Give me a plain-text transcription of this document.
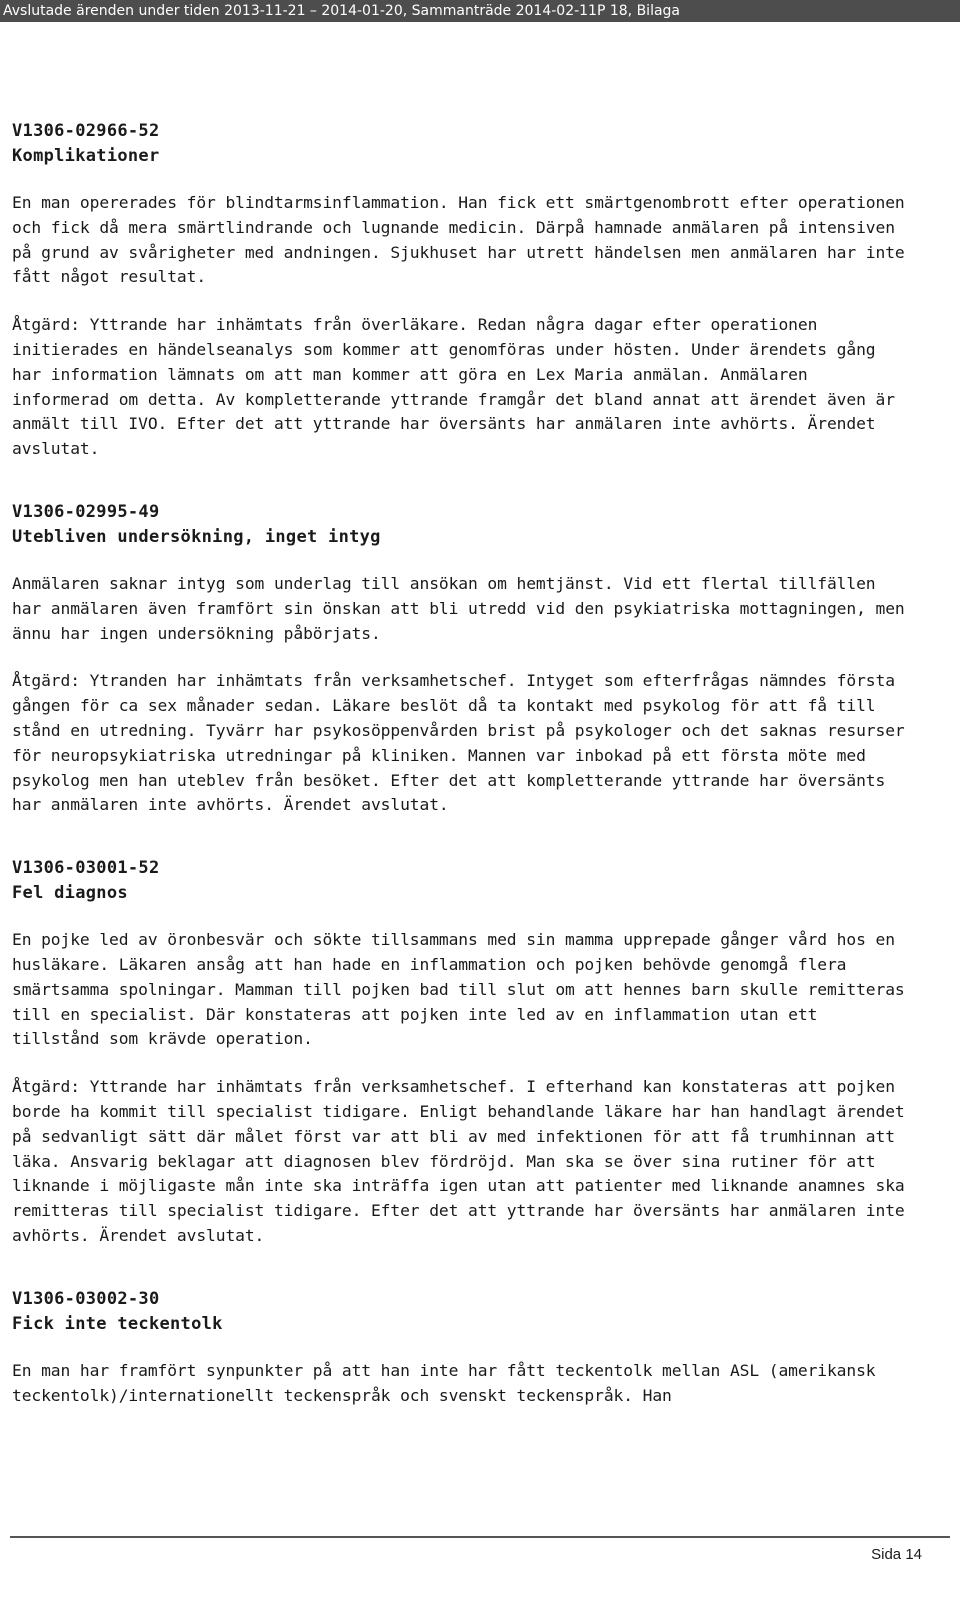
Avslutade ärenden under tiden 2013-11-21 – 2014-01-20, Sammanträde 2014-02-11P 18, Bilaga

V1306-02966-52

Komplikationer

En man opererades för blindtarmsinflammation. Han fick ett smärtgenombrott efter operationen och fick då mera smärtlindrande och lugnande medicin. Därpå hamnade anmälaren på intensiven på grund av svårigheter med andningen. Sjukhuset har utrett händelsen men anmälaren har inte fått något resultat.

Åtgärd: Yttrande har inhämtats från överläkare. Redan några dagar efter operationen initierades en händelseanalys som kommer att genomföras under hösten. Under ärendets gång har information lämnats om att man kommer att göra en Lex Maria anmälan. Anmälaren informerad om detta. Av kompletterande yttrande framgår det bland annat att ärendet även är anmält till IVO. Efter det att yttrande har översänts har anmälaren inte avhörts. Ärendet avslutat.

V1306-02995-49

Utebliven undersökning, inget intyg

Anmälaren saknar intyg som underlag till ansökan om hemtjänst. Vid ett flertal tillfällen har anmälaren även framfört sin önskan att bli utredd vid den psykiatriska mottagningen, men ännu har ingen undersökning påbörjats.

Åtgärd: Ytranden har inhämtats från verksamhetschef. Intyget som efterfrågas nämndes första gången för ca sex månader sedan. Läkare beslöt då ta kontakt med psykolog för att få till stånd en utredning. Tyvärr har psykosöppenvården brist på psykologer och det saknas resurser för neuropsykiatriska utredningar på kliniken. Mannen var inbokad på ett första möte med psykolog men han uteblev från besöket. Efter det att kompletterande yttrande har översänts har anmälaren inte avhörts. Ärendet avslutat.

V1306-03001-52

Fel diagnos

En pojke led av öronbesvär och sökte tillsammans med sin mamma upprepade gånger vård hos en husläkare. Läkaren ansåg att han hade en inflammation och pojken behövde genomgå flera smärtsamma spolningar. Mamman till pojken bad till slut om att hennes barn skulle remitteras till en specialist. Där konstateras att pojken inte led av en inflammation utan ett tillstånd som krävde operation.

Åtgärd: Yttrande har inhämtats från verksamhetschef. I efterhand kan konstateras att pojken borde ha kommit till specialist tidigare. Enligt behandlande läkare har han handlagt ärendet på sedvanligt sätt där målet först var att bli av med infektionen för att få trumhinnan att läka. Ansvarig beklagar att diagnosen blev fördröjd. Man ska se över sina rutiner för att liknande i möjligaste mån inte ska inträffa igen utan att patienter med liknande anamnes ska remitteras till specialist tidigare. Efter det att yttrande har översänts har anmälaren inte avhörts. Ärendet avslutat.

V1306-03002-30

Fick inte teckentolk

En man har framfört synpunkter på att han inte har fått teckentolk mellan ASL (amerikansk teckentolk)/internationellt teckenspråk och svenskt teckenspråk. Han

Sida 14
